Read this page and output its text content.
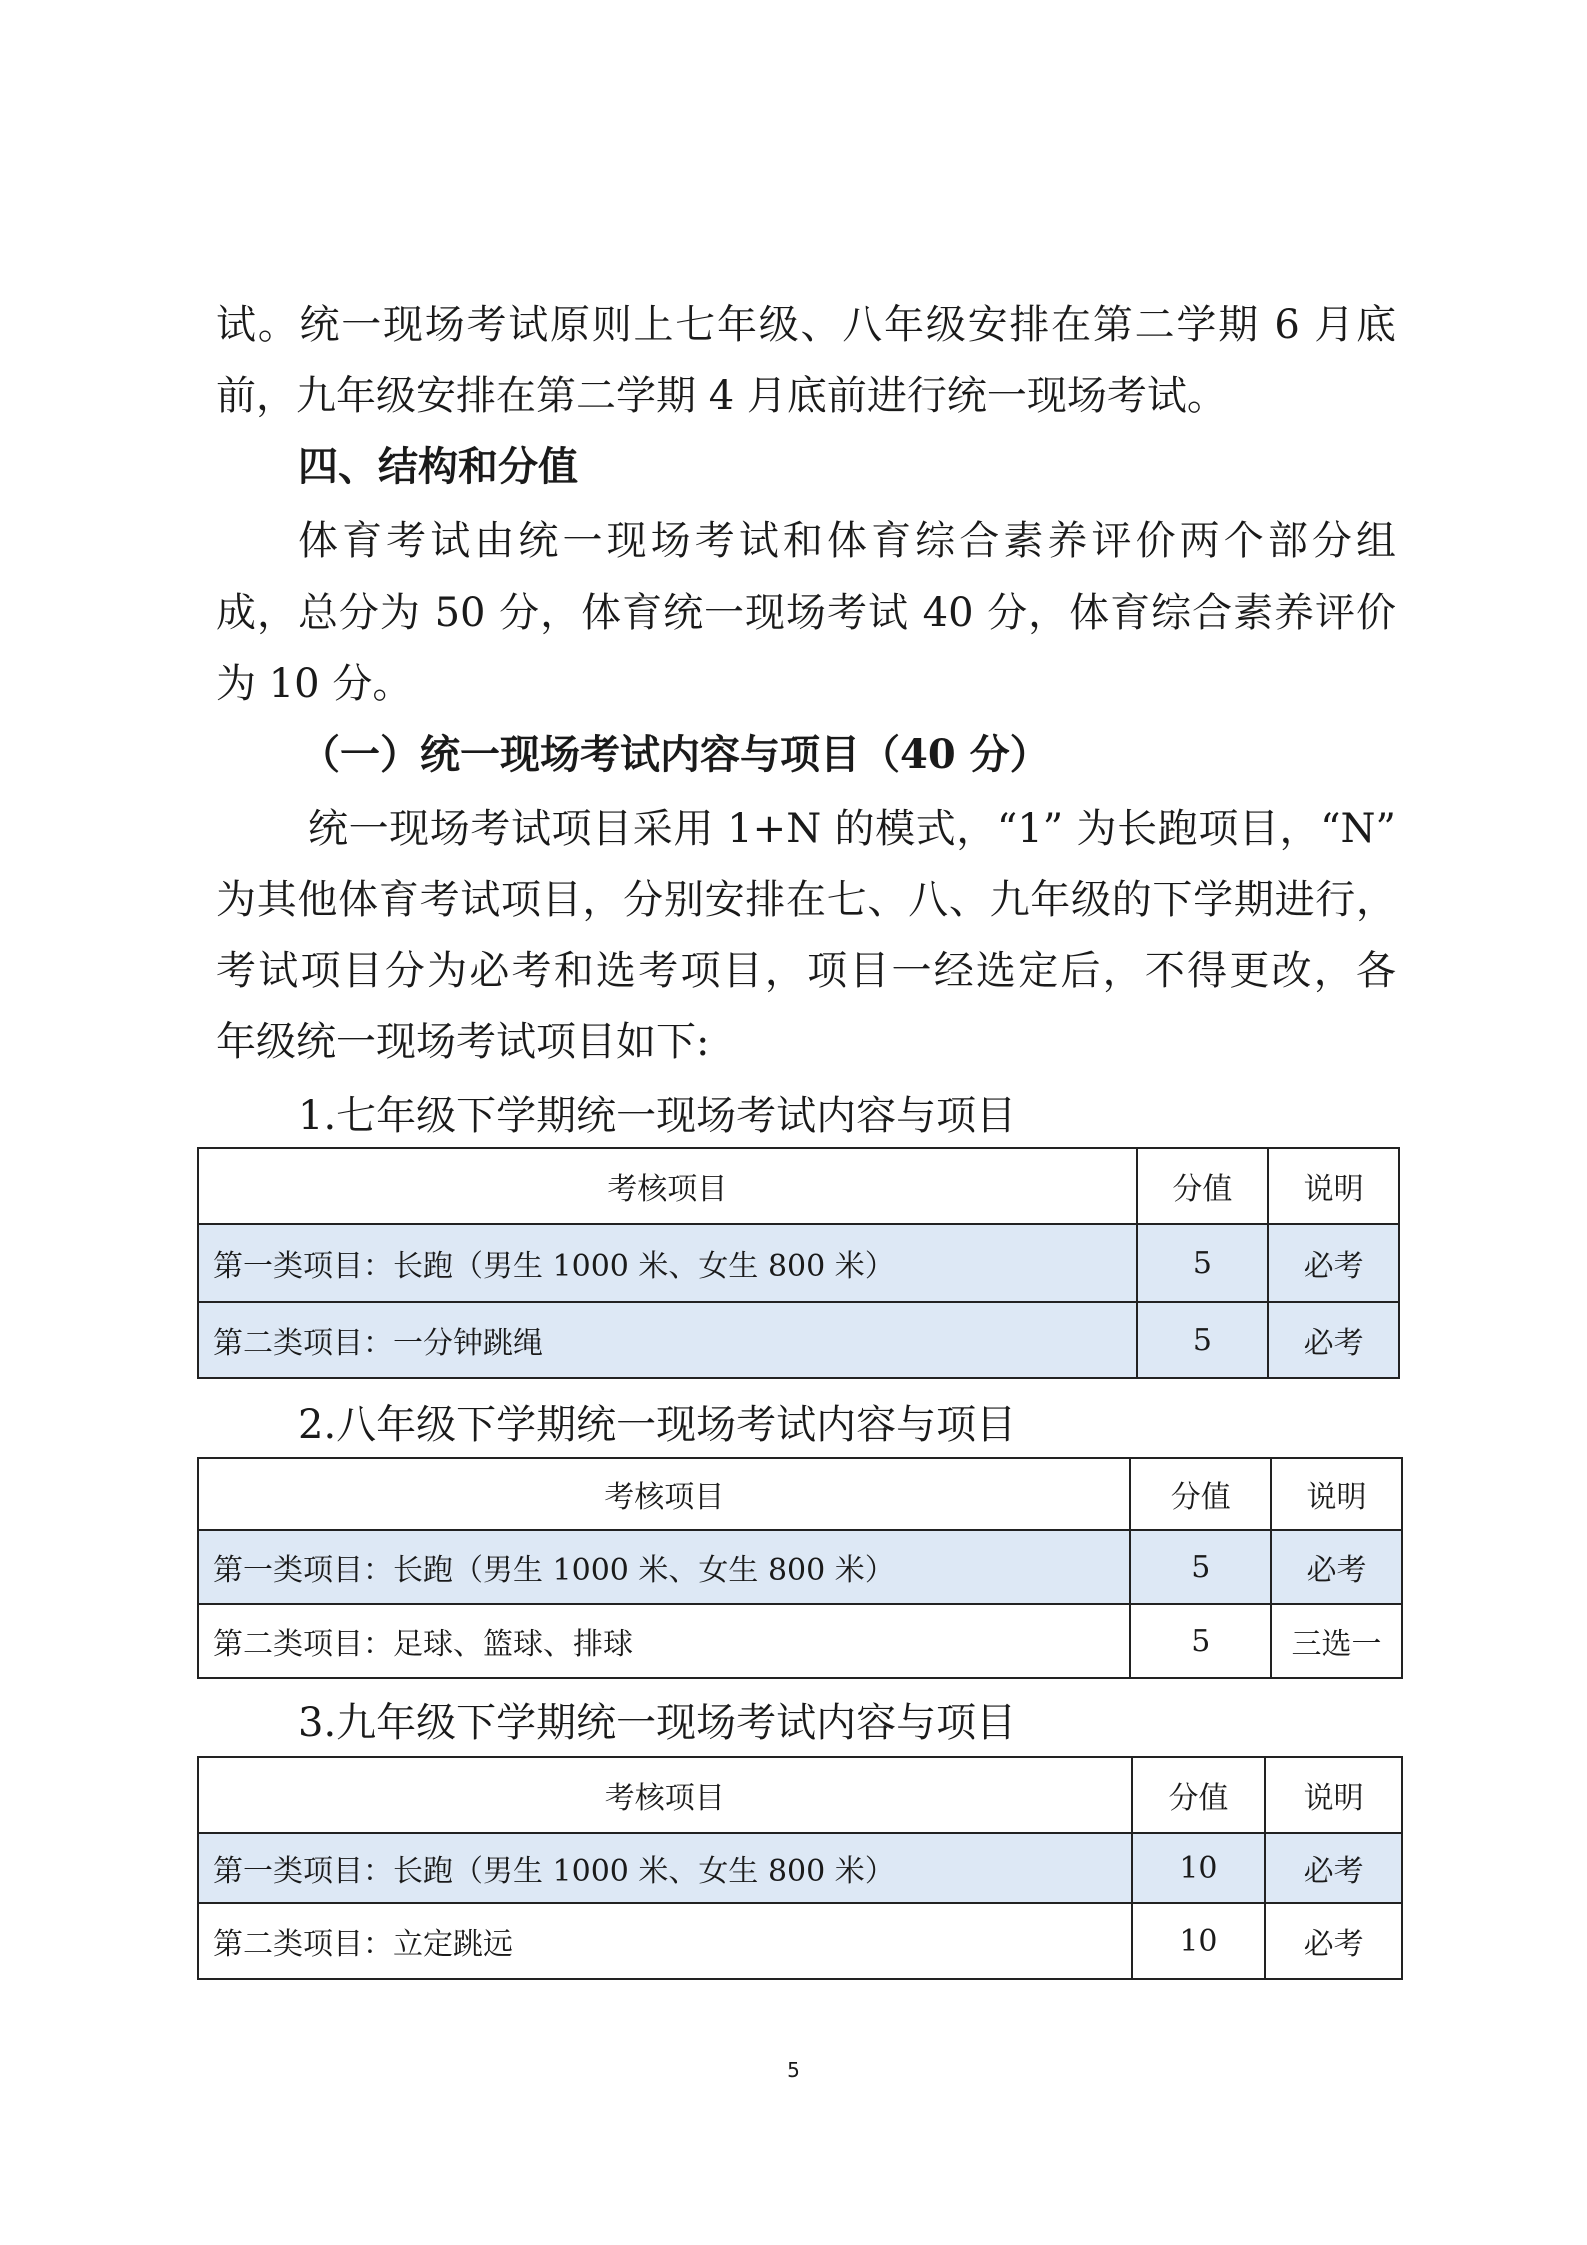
试。统一现场考试原则上七年级、八年级安排在第二学期 6 月底
前，九年级安排在第二学期 4 月底前进行统一现场考试。
四、结构和分值
体育考试由统一现场考试和体育综合素养评价两个部分组
成，总分为 50 分，体育统一现场考试 40 分，体育综合素养评价
为 10 分。
（一）统一现场考试内容与项目（40 分）
统一现场考试项目采用 1+N 的模式，“1” 为长跑项目，“N”
为其他体育考试项目，分别安排在七、八、九年级的下学期进行，
考试项目分为必考和选考项目，项目一经选定后，不得更改，各
年级统一现场考试项目如下:
1.七年级下学期统一现场考试内容与项目
考核项目	分值	说明
第一类项目：长跑（男生 1000 米、女生 800 米）	5	必考
第二类项目：一分钟跳绳	5	必考
2.八年级下学期统一现场考试内容与项目
考核项目	分值	说明
第一类项目：长跑（男生 1000 米、女生 800 米）	5	必考
第二类项目：足球、篮球、排球	5	三选一
3.九年级下学期统一现场考试内容与项目
考核项目	分值	说明
第一类项目：长跑（男生 1000 米、女生 800 米）	10	必考
第二类项目：立定跳远	10	必考
5
